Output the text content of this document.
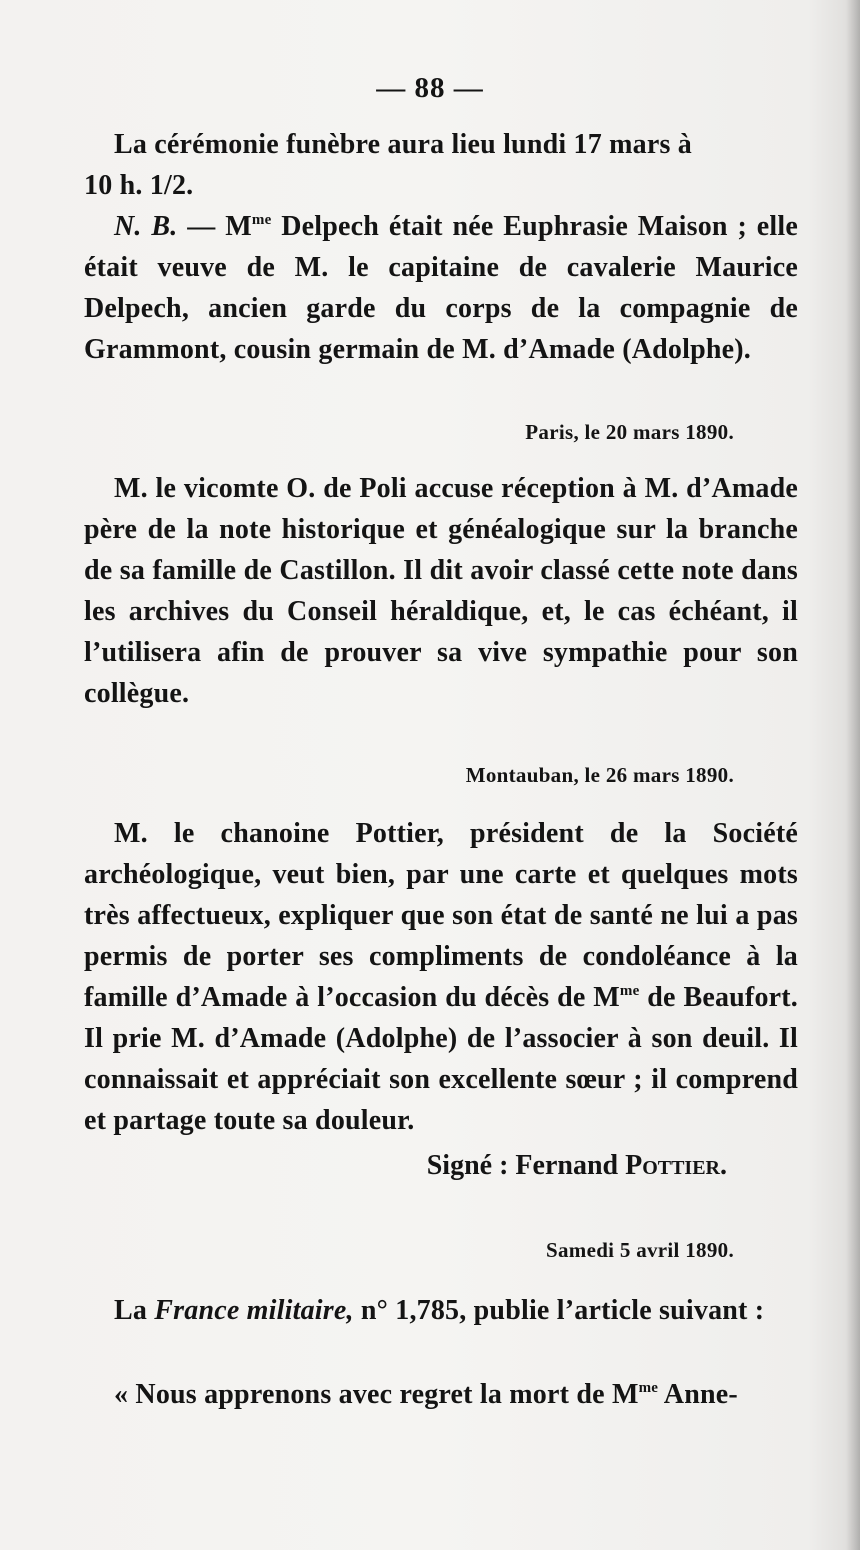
— 88 —

La cérémonie funèbre aura lieu lundi 17 mars à
10 h. 1/2.

N. B. — $M^{me}$ Delpech était née Euphrasie Maison ; elle était veuve de M. le capitaine de cavalerie Maurice Delpech, ancien garde du corps de la compagnie de Grammont, cousin germain de M. d’Amade (Adolphe).

Paris, le 20 mars 1890.

M. le vicomte O. de Poli accuse réception à M. d’Amade père de la note historique et généalogique sur la branche de sa famille de Castillon. Il dit avoir classé cette note dans les archives du Conseil héraldique, et, le cas échéant, il l’utilisera afin de prouver sa vive sympathie pour son collègue.

Montauban, le 26 mars 1890.

M. le chanoine Pottier, président de la Société archéologique, veut bien, par une carte et quelques mots très affectueux, expliquer que son état de santé ne lui a pas permis de porter ses compliments de condoléance à la famille d’Amade à l’occasion du décès de $M^{me}$ de Beaufort. Il prie M. d’Amade (Adolphe) de l’associer à son deuil. Il connaissait et appréciait son excellente sœur ; il comprend et partage toute sa douleur.

Signé : Fernand Pottier.
Samedi 5 avril 1890.

La France militaire, n° 1,785, publie l’article suivant :

« Nous apprenons avec regret la mort de $M^{me}$ Anne-
